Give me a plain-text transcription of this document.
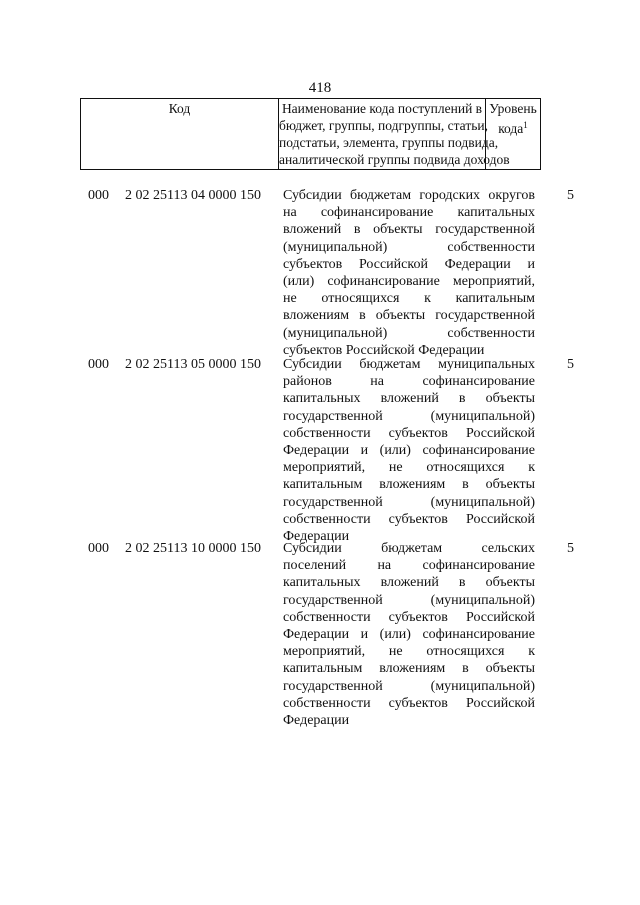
418
Код	Наименование кода поступлений в
бюджет, группы, подгруппы, статьи,
подстатьи, элемента, группы подвида,
аналитической группы подвида доходов
Уровень
кода$^1$
000 2 02 25113 04 0000 150 Субсидии бюджетам городских округов
на софинансирование капитальных
вложений в объекты государственной
(муниципальной) собственности
субъектов Российской Федерации и
(или) софинансирование мероприятий,
не относящихся к капитальным
вложениям в объекты государственной
(муниципальной) собственности
субъектов Российской Федерации
5
000 2 02 25113 05 0000 150 Субсидии бюджетам муниципальных
районов на софинансирование
капитальных вложений в объекты
государственной (муниципальной)
собственности субъектов Российской
Федерации и (или) софинансирование
мероприятий, не относящихся к
капитальным вложениям в объекты
государственной (муниципальной)
собственности субъектов Российской
Федерации
5
000 2 02 25113 10 0000 150 Субсидии бюджетам сельских
поселений на софинансирование
капитальных вложений в объекты
государственной (муниципальной)
собственности субъектов Российской
Федерации и (или) софинансирование
мероприятий, не относящихся к
капитальным вложениям в объекты
государственной (муниципальной)
собственности субъектов Российской
Федерации
5
